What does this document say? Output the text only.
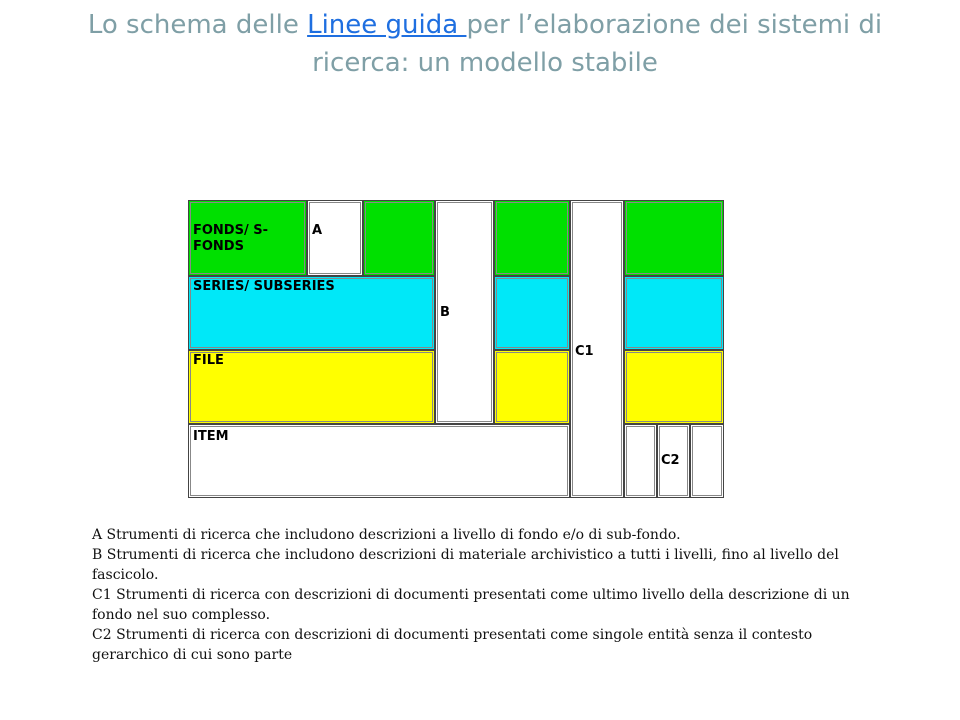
Lo schema delle Linee guida per l’elaborazione dei sistemi di ricerca: un modello stabile
FONDS/ S-FONDS
A
B
C1
SERIES/ SUBSERIES
FILE
ITEM
C2

A Strumenti di ricerca che includono descrizioni a livello di fondo e/o di sub-fondo.

B Strumenti di ricerca che includono descrizioni di materiale archivistico a tutti i livelli, fino al livello del fascicolo.

C1 Strumenti di ricerca con descrizioni di documenti presentati come ultimo livello della descrizione di un fondo nel suo complesso.

C2 Strumenti di ricerca con descrizioni di documenti presentati come singole entità senza il contesto gerarchico di cui sono parte
